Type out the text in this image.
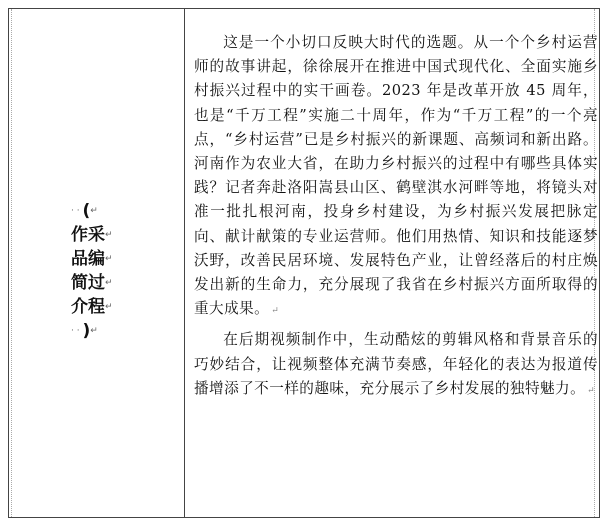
· · (↵
作采↵
品编↵
简过↵
介程↵
· · )↵

这是一个小切口反映大时代的选题。从一个个乡村运营师的故事讲起，徐徐展开在推进中国式现代化、全面实施乡村振兴过程中的实干画卷。2023 年是改革开放 45 周年，也是“千万工程”实施二十周年，作为“千万工程”的一个亮点，“乡村运营”已是乡村振兴的新课题、高频词和新出路。河南作为农业大省，在助力乡村振兴的过程中有哪些具体实践？记者奔赴洛阳嵩县山区、鹤壁淇水河畔等地，将镜头对准一批扎根河南，投身乡村建设，为乡村振兴发展把脉定向、献计献策的专业运营师。他们用热情、知识和技能逐梦沃野，改善民居环境、发展特色产业，让曾经落后的村庄焕发出新的生命力，充分展现了我省在乡村振兴方面所取得的重大成果。 ↵

在后期视频制作中，生动酷炫的剪辑风格和背景音乐的巧妙结合，让视频整体充满节奏感，年轻化的表达为报道传播增添了不一样的趣味，充分展示了乡村发展的独特魅力。 ↵
